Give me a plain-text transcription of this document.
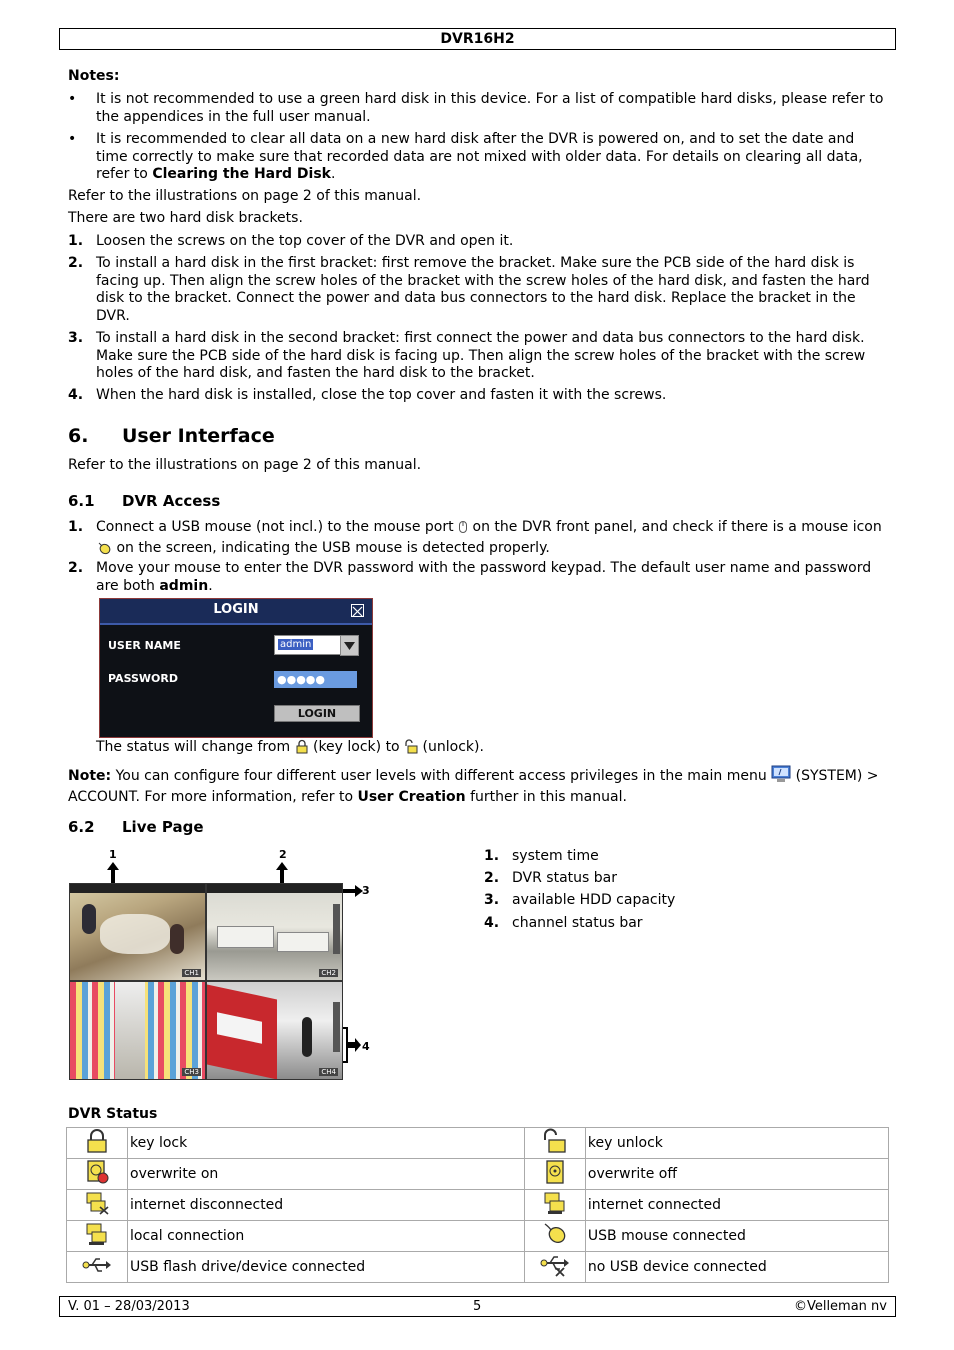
DVR16H2
Notes:
• It is not recommended to use a green hard disk in this device. For a list of compatible hard disks, please refer to the appendices in the full user manual.
• It is recommended to clear all data on a new hard disk after the DVR is powered on, and to set the date and time correctly to make sure that recorded data are not mixed with older data. For details on clearing all data, refer to Clearing the Hard Disk.
Refer to the illustrations on page 2 of this manual.
There are two hard disk brackets.
1. Loosen the screws on the top cover of the DVR and open it.
2. To install a hard disk in the first bracket: first remove the bracket. Make sure the PCB side of the hard disk is facing up. Then align the screw holes of the bracket with the screw holes of the hard disk, and fasten the hard disk to the bracket. Connect the power and data bus connectors to the hard disk. Replace the bracket in the DVR.
3. To install a hard disk in the second bracket: first connect the power and data bus connectors to the hard disk. Make sure the PCB side of the hard disk is facing up. Then align the screw holes of the bracket with the screw holes of the hard disk, and fasten the hard disk to the bracket.
4. When the hard disk is installed, close the top cover and fasten it with the screws.
6. User Interface
Refer to the illustrations on page 2 of this manual.
6.1 DVR Access
1. Connect a USB mouse (not incl.) to the mouse port  on the DVR front panel, and check if there is a mouse icon  on the screen, indicating the USB mouse is detected properly.
2. Move your mouse to enter the DVR password with the password keypad. The default user name and password are both admin.
LOGIN
USER NAME	admin
PASSWORD	●●●●●
LOGIN
The status will change from  (key lock) to  (unlock).
Note: You can configure four different user levels with different access privileges in the main menu  (SYSTEM) > ACCOUNT. For more information, refer to User Creation further in this manual.
6.2 Live Page
1	2
3
4
CH1	CH2
CH3	CH4
1. system time
2. DVR status bar
3. available HDD capacity
4. channel status bar
DVR Status
	key lock		key unlock
	overwrite on		overwrite off
	internet disconnected		internet connected
	local connection		USB mouse connected
	USB flash drive/device connected		no USB device connected
V. 01 – 28/03/2013	5	©Velleman nv
